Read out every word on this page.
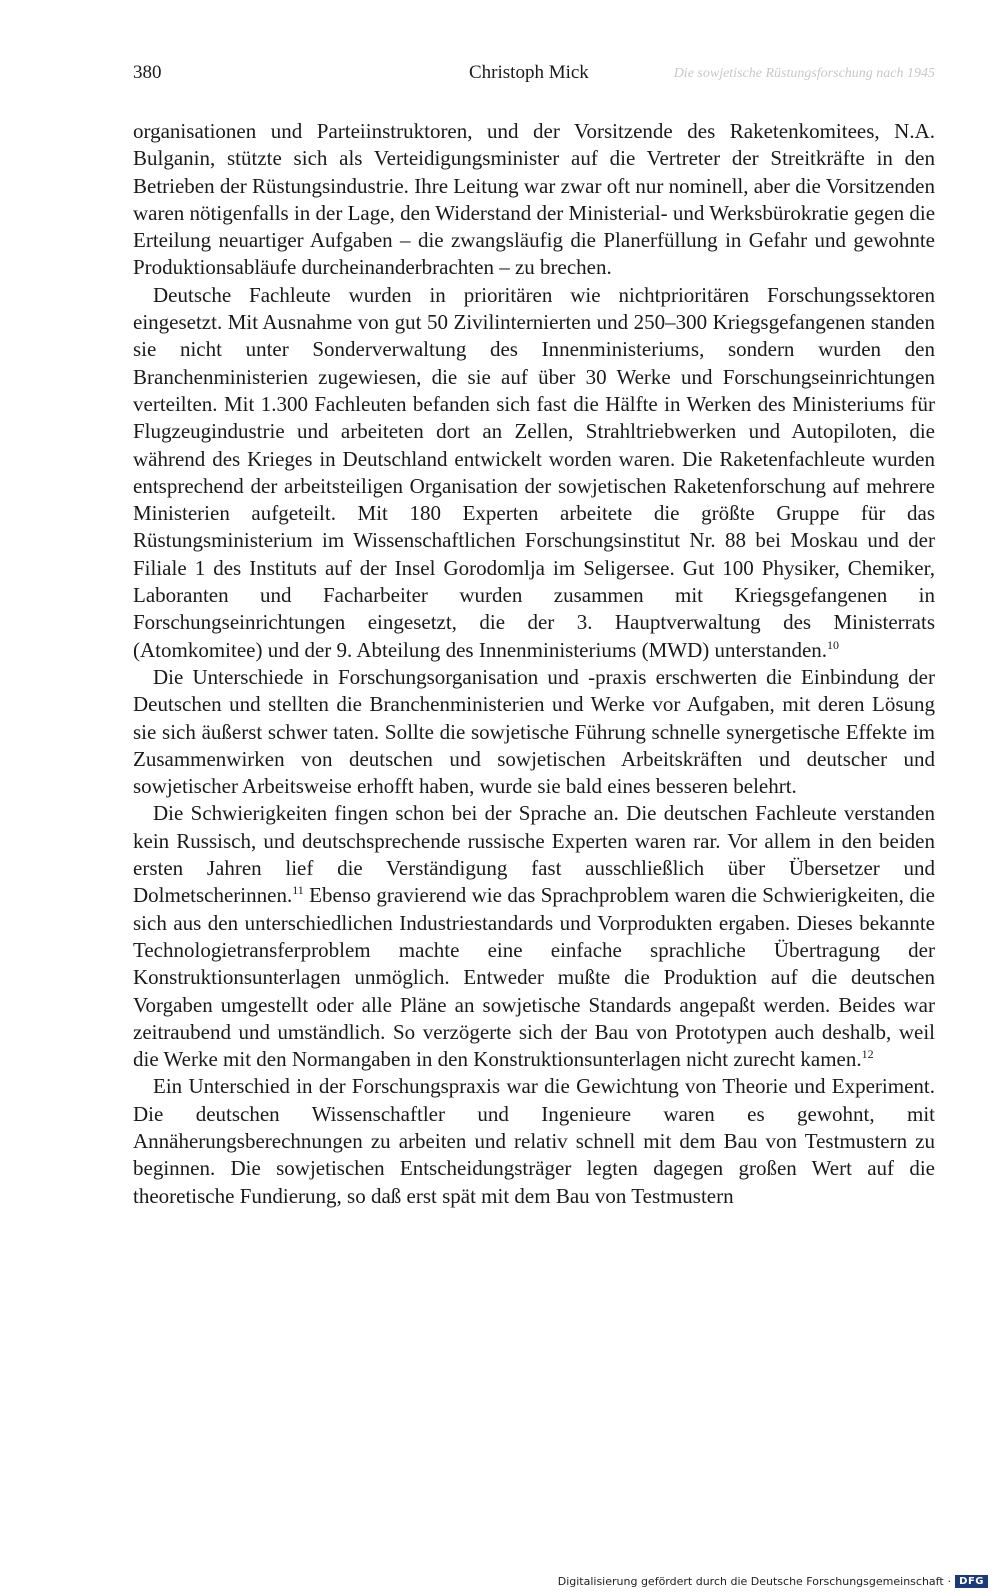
380	Christoph Mick	Die sowjetische Rüstungsforschung nach 1945

organisationen und Parteiinstruktoren, und der Vorsitzende des Raketenkomitees, N.A. Bulganin, stützte sich als Verteidigungsminister auf die Vertreter der Streitkräfte in den Betrieben der Rüstungsindustrie. Ihre Leitung war zwar oft nur nominell, aber die Vorsitzenden waren nötigenfalls in der Lage, den Widerstand der Ministerial- und Werksbürokratie gegen die Erteilung neuartiger Aufgaben – die zwangsläufig die Planerfüllung in Gefahr und gewohnte Produktionsabläufe durcheinanderbrachten – zu brechen.

Deutsche Fachleute wurden in prioritären wie nichtprioritären Forschungssektoren eingesetzt. Mit Ausnahme von gut 50 Zivilinternierten und 250–300 Kriegsgefangenen standen sie nicht unter Sonderverwaltung des Innenministeriums, sondern wurden den Branchenministerien zugewiesen, die sie auf über 30 Werke und Forschungseinrichtungen verteilten. Mit 1.300 Fachleuten befanden sich fast die Hälfte in Werken des Ministeriums für Flugzeugindustrie und arbeiteten dort an Zellen, Strahltriebwerken und Autopiloten, die während des Krieges in Deutschland entwickelt worden waren. Die Raketenfachleute wurden entsprechend der arbeitsteiligen Organisation der sowjetischen Raketenforschung auf mehrere Ministerien aufgeteilt. Mit 180 Experten arbeitete die größte Gruppe für das Rüstungsministerium im Wissenschaftlichen Forschungsinstitut Nr. 88 bei Moskau und der Filiale 1 des Instituts auf der Insel Gorodomlja im Seligersee. Gut 100 Physiker, Chemiker, Laboranten und Facharbeiter wurden zusammen mit Kriegsgefangenen in Forschungseinrichtungen eingesetzt, die der 3. Hauptverwaltung des Ministerrats (Atomkomitee) und der 9. Abteilung des Innenministeriums (MWD) unterstanden.$^{10}$

Die Unterschiede in Forschungsorganisation und -praxis erschwerten die Einbindung der Deutschen und stellten die Branchenministerien und Werke vor Aufgaben, mit deren Lösung sie sich äußerst schwer taten. Sollte die sowjetische Führung schnelle synergetische Effekte im Zusammenwirken von deutschen und sowjetischen Arbeitskräften und deutscher und sowjetischer Arbeitsweise erhofft haben, wurde sie bald eines besseren belehrt.

Die Schwierigkeiten fingen schon bei der Sprache an. Die deutschen Fachleute verstanden kein Russisch, und deutschsprechende russische Experten waren rar. Vor allem in den beiden ersten Jahren lief die Verständigung fast ausschließlich über Übersetzer und Dolmetscherinnen.$^{11}$ Ebenso gravierend wie das Sprachproblem waren die Schwierigkeiten, die sich aus den unterschiedlichen Industriestandards und Vorprodukten ergaben. Dieses bekannte Technologietransferproblem machte eine einfache sprachliche Übertragung der Konstruktionsunterlagen unmöglich. Entweder mußte die Produktion auf die deutschen Vorgaben umgestellt oder alle Pläne an sowjetische Standards angepaßt werden. Beides war zeitraubend und umständlich. So verzögerte sich der Bau von Prototypen auch deshalb, weil die Werke mit den Normangaben in den Konstruktionsunterlagen nicht zurecht kamen.$^{12}$

Ein Unterschied in der Forschungspraxis war die Gewichtung von Theorie und Experiment. Die deutschen Wissenschaftler und Ingenieure waren es gewohnt, mit Annäherungsberechnungen zu arbeiten und relativ schnell mit dem Bau von Testmustern zu beginnen. Die sowjetischen Entscheidungsträger legten dagegen großen Wert auf die theoretische Fundierung, so daß erst spät mit dem Bau von Testmustern

Digitalisierung gefördert durch die Deutsche Forschungsgemeinschaft · DFG
